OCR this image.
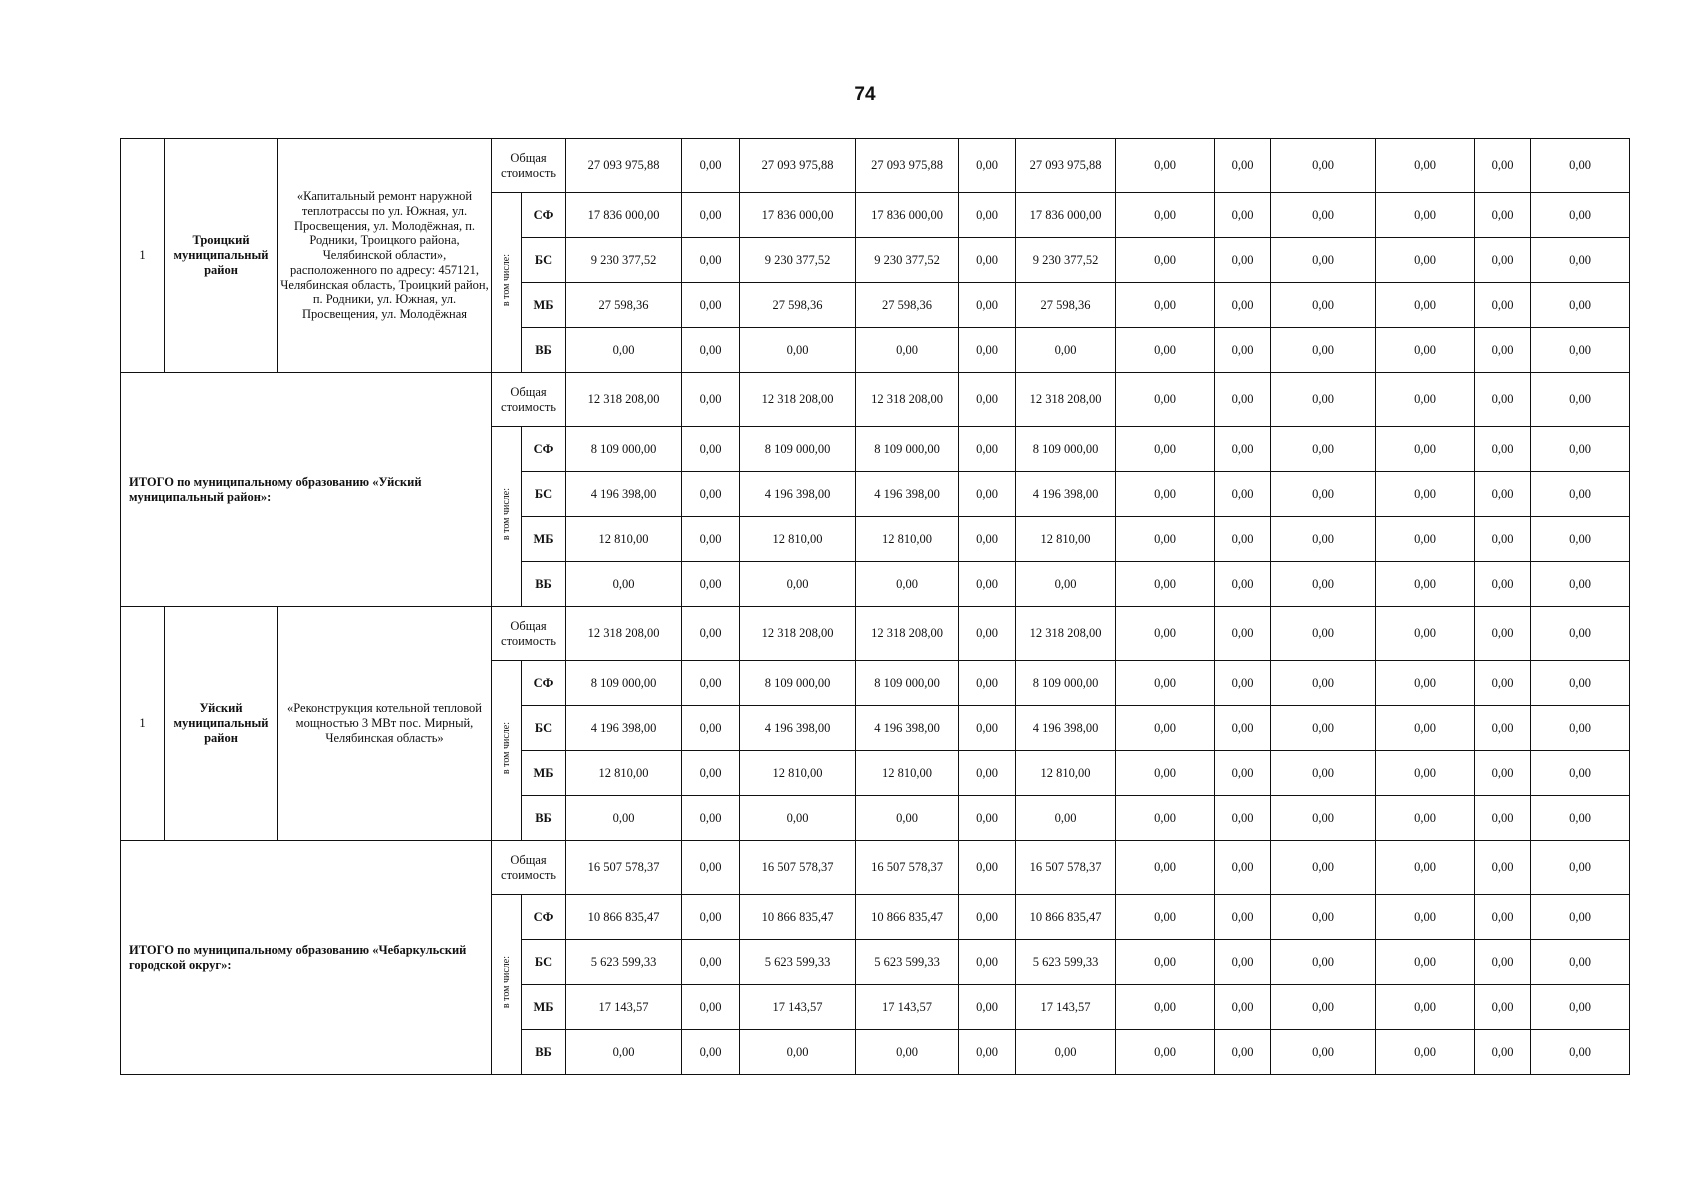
74
1	Троицкий муниципальный район	«Капитальный ремонт наружной теплотрассы по ул. Южная, ул. Просвещения, ул. Молодёжная, п. Родники, Троицкого района, Челябинской области», расположенного по адресу: 457121, Челябинская область, Троицкий район, п. Родники, ул. Южная, ул. Просвещения, ул. Молодёжная	Общая стоимость		27 093 975,88	0,00	27 093 975,88	27 093 975,88	0,00	27 093 975,88	0,00	0,00	0,00	0,00	0,00	0,00
			в том числе:	СФ	17 836 000,00	0,00	17 836 000,00	17 836 000,00	0,00	17 836 000,00	0,00	0,00	0,00	0,00	0,00	0,00
				БС	9 230 377,52	0,00	9 230 377,52	9 230 377,52	0,00	9 230 377,52	0,00	0,00	0,00	0,00	0,00	0,00
				МБ	27 598,36	0,00	27 598,36	27 598,36	0,00	27 598,36	0,00	0,00	0,00	0,00	0,00	0,00
				ВБ	0,00	0,00	0,00	0,00	0,00	0,00	0,00	0,00	0,00	0,00	0,00	0,00
ИТОГО по муниципальному образованию «Уйский муниципальный район»:			Общая стоимость		12 318 208,00	0,00	12 318 208,00	12 318 208,00	0,00	12 318 208,00	0,00	0,00	0,00	0,00	0,00	0,00
			в том числе:	СФ	8 109 000,00	0,00	8 109 000,00	8 109 000,00	0,00	8 109 000,00	0,00	0,00	0,00	0,00	0,00	0,00
				БС	4 196 398,00	0,00	4 196 398,00	4 196 398,00	0,00	4 196 398,00	0,00	0,00	0,00	0,00	0,00	0,00
				МБ	12 810,00	0,00	12 810,00	12 810,00	0,00	12 810,00	0,00	0,00	0,00	0,00	0,00	0,00
				ВБ	0,00	0,00	0,00	0,00	0,00	0,00	0,00	0,00	0,00	0,00	0,00	0,00
1	Уйский муниципальный район	«Реконструкция котельной тепловой мощностью 3 МВт пос. Мирный, Челябинская область»	Общая стоимость		12 318 208,00	0,00	12 318 208,00	12 318 208,00	0,00	12 318 208,00	0,00	0,00	0,00	0,00	0,00	0,00
			в том числе:	СФ	8 109 000,00	0,00	8 109 000,00	8 109 000,00	0,00	8 109 000,00	0,00	0,00	0,00	0,00	0,00	0,00
				БС	4 196 398,00	0,00	4 196 398,00	4 196 398,00	0,00	4 196 398,00	0,00	0,00	0,00	0,00	0,00	0,00
				МБ	12 810,00	0,00	12 810,00	12 810,00	0,00	12 810,00	0,00	0,00	0,00	0,00	0,00	0,00
				ВБ	0,00	0,00	0,00	0,00	0,00	0,00	0,00	0,00	0,00	0,00	0,00	0,00
ИТОГО по муниципальному образованию «Чебаркульский городской округ»:			Общая стоимость		16 507 578,37	0,00	16 507 578,37	16 507 578,37	0,00	16 507 578,37	0,00	0,00	0,00	0,00	0,00	0,00
			в том числе:	СФ	10 866 835,47	0,00	10 866 835,47	10 866 835,47	0,00	10 866 835,47	0,00	0,00	0,00	0,00	0,00	0,00
				БС	5 623 599,33	0,00	5 623 599,33	5 623 599,33	0,00	5 623 599,33	0,00	0,00	0,00	0,00	0,00	0,00
				МБ	17 143,57	0,00	17 143,57	17 143,57	0,00	17 143,57	0,00	0,00	0,00	0,00	0,00	0,00
				ВБ	0,00	0,00	0,00	0,00	0,00	0,00	0,00	0,00	0,00	0,00	0,00	0,00
